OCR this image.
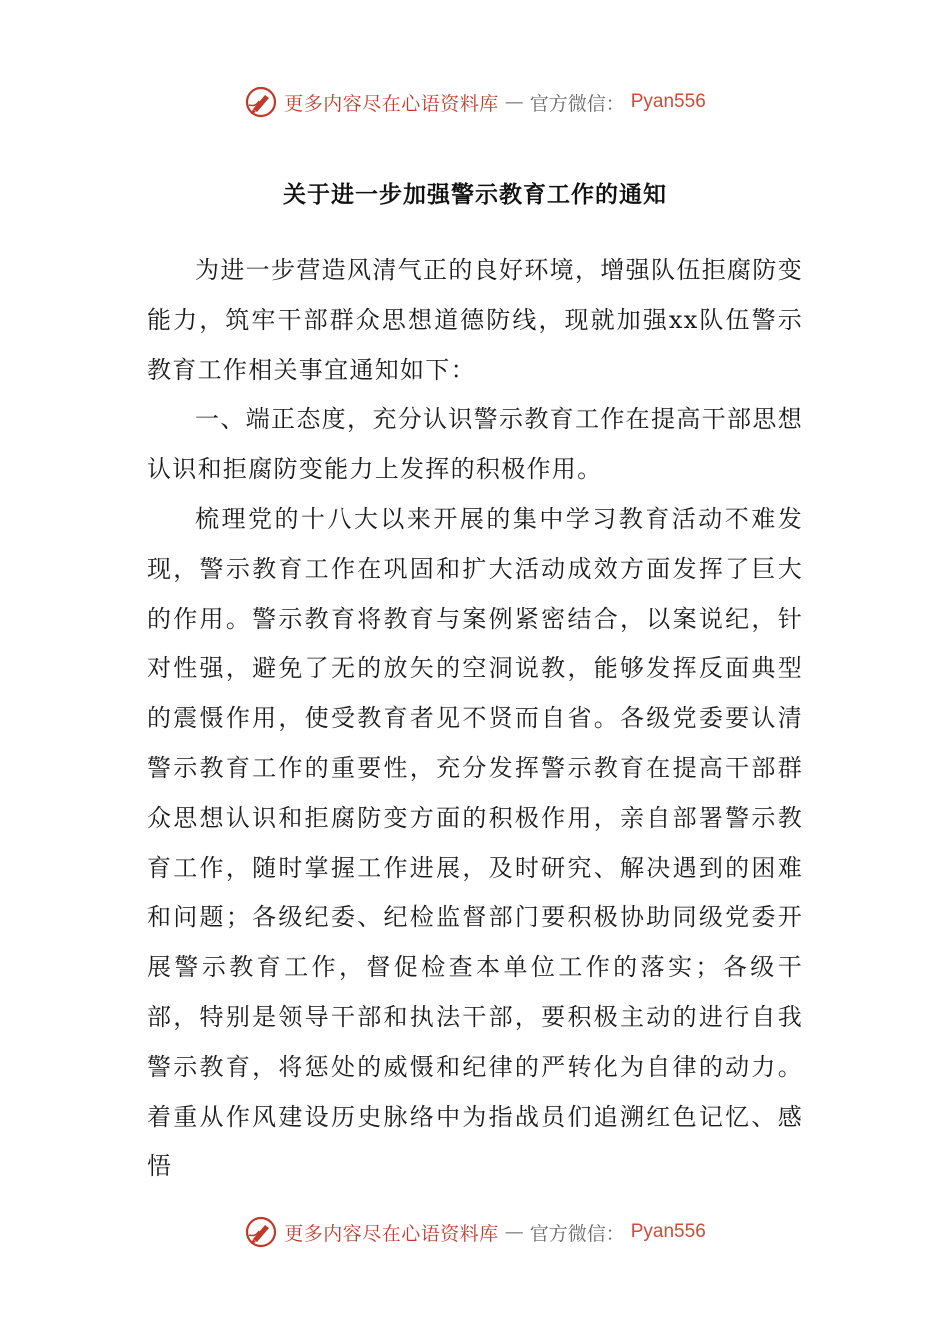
更多内容尽在心语资料库 — 官方微信： Pyan556
关于进一步加强警示教育工作的通知

为进一步营造风清气正的良好环境，增强队伍拒腐防变能力，筑牢干部群众思想道德防线，现就加强xx队伍警示教育工作相关事宜通知如下：

一、端正态度，充分认识警示教育工作在提高干部思想认识和拒腐防变能力上发挥的积极作用。

梳理党的十八大以来开展的集中学习教育活动不难发现，警示教育工作在巩固和扩大活动成效方面发挥了巨大的作用。警示教育将教育与案例紧密结合，以案说纪，针对性强，避免了无的放矢的空洞说教，能够发挥反面典型的震慑作用，使受教育者见不贤而自省。各级党委要认清警示教育工作的重要性，充分发挥警示教育在提高干部群众思想认识和拒腐防变方面的积极作用，亲自部署警示教育工作，随时掌握工作进展，及时研究、解决遇到的困难和问题；各级纪委、纪检监督部门要积极协助同级党委开展警示教育工作，督促检查本单位工作的落实；各级干部，特别是领导干部和执法干部，要积极主动的进行自我警示教育，将惩处的威慑和纪律的严转化为自律的动力。着重从作风建设历史脉络中为指战员们追溯红色记忆、感悟

更多内容尽在心语资料库 — 官方微信： Pyan556
